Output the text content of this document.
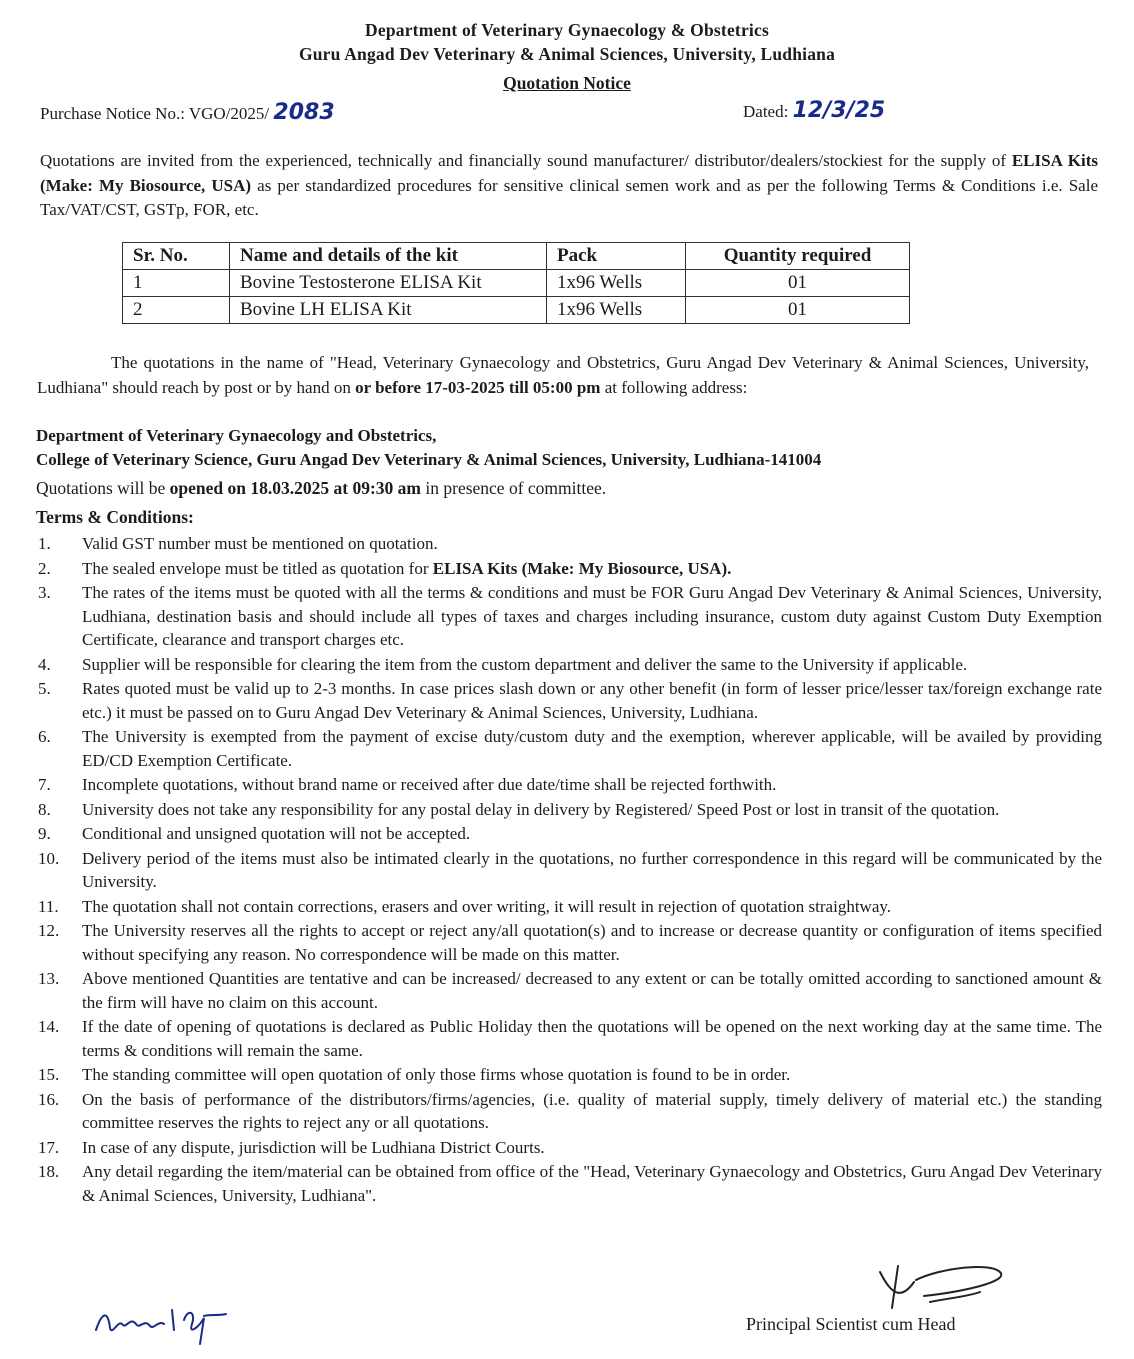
Department of Veterinary Gynaecology & Obstetrics
Guru Angad Dev Veterinary & Animal Sciences, University, Ludhiana
Quotation Notice
Purchase Notice No.: VGO/2025/ 2083	Dated: 12/3/25

Quotations are invited from the experienced, technically and financially sound manufacturer/ distributor/dealers/stockiest for the supply of ELISA Kits (Make: My Biosource, USA) as per standardized procedures for sensitive clinical semen work and as per the following Terms & Conditions i.e. Sale Tax/VAT/CST, GSTp, FOR, etc.

Sr. No.	Name and details of the kit	Pack	Quantity required
1	Bovine Testosterone ELISA Kit	1x96 Wells	01
2	Bovine LH ELISA Kit	1x96 Wells	01

The quotations in the name of "Head, Veterinary Gynaecology and Obstetrics, Guru Angad Dev Veterinary & Animal Sciences, University, Ludhiana" should reach by post or by hand on or before 17-03-2025 till 05:00 pm at following address:

Department of Veterinary Gynaecology and Obstetrics,
College of Veterinary Science, Guru Angad Dev Veterinary & Animal Sciences, University, Ludhiana-141004

Quotations will be opened on 18.03.2025 at 09:30 am in presence of committee.

Terms & Conditions:
1. Valid GST number must be mentioned on quotation.
2. The sealed envelope must be titled as quotation for ELISA Kits (Make: My Biosource, USA).
3. The rates of the items must be quoted with all the terms & conditions and must be FOR Guru Angad Dev Veterinary & Animal Sciences, University, Ludhiana, destination basis and should include all types of taxes and charges including insurance, custom duty against Custom Duty Exemption Certificate, clearance and transport charges etc.
4. Supplier will be responsible for clearing the item from the custom department and deliver the same to the University if applicable.
5. Rates quoted must be valid up to 2-3 months. In case prices slash down or any other benefit (in form of lesser price/lesser tax/foreign exchange rate etc.) it must be passed on to Guru Angad Dev Veterinary & Animal Sciences, University, Ludhiana.
6. The University is exempted from the payment of excise duty/custom duty and the exemption, wherever applicable, will be availed by providing ED/CD Exemption Certificate.
7. Incomplete quotations, without brand name or received after due date/time shall be rejected forthwith.
8. University does not take any responsibility for any postal delay in delivery by Registered/ Speed Post or lost in transit of the quotation.
9. Conditional and unsigned quotation will not be accepted.
10. Delivery period of the items must also be intimated clearly in the quotations, no further correspondence in this regard will be communicated by the University.
11. The quotation shall not contain corrections, erasers and over writing, it will result in rejection of quotation straightway.
12. The University reserves all the rights to accept or reject any/all quotation(s) and to increase or decrease quantity or configuration of items specified without specifying any reason. No correspondence will be made on this matter.
13. Above mentioned Quantities are tentative and can be increased/ decreased to any extent or can be totally omitted according to sanctioned amount & the firm will have no claim on this account.
14. If the date of opening of quotations is declared as Public Holiday then the quotations will be opened on the next working day at the same time. The terms & conditions will remain the same.
15. The standing committee will open quotation of only those firms whose quotation is found to be in order.
16. On the basis of performance of the distributors/firms/agencies, (i.e. quality of material supply, timely delivery of material etc.) the standing committee reserves the rights to reject any or all quotations.
17. In case of any dispute, jurisdiction will be Ludhiana District Courts.
18. Any detail regarding the item/material can be obtained from office of the "Head, Veterinary Gynaecology and Obstetrics, Guru Angad Dev Veterinary & Animal Sciences, University, Ludhiana".
Principal Scientist cum Head
